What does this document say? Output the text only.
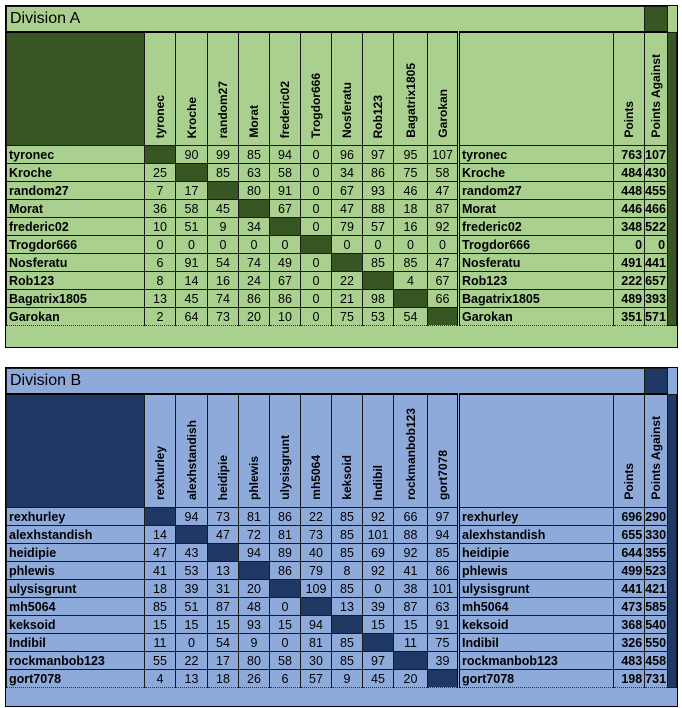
Division A														
	tyronec	Kroche	random27	Morat	frederic02	Trogdor666	Nosferatu	Rob123	Bagatrix1805	Garokan		Points	Points Against	
tyronec		90	99	85	94	0	96	97	95	107	tyronec	763	107	
Kroche	25		85	63	58	0	34	86	75	58	Kroche	484	430	
random27	7	17		80	91	0	67	93	46	47	random27	448	455	
Morat	36	58	45		67	0	47	88	18	87	Morat	446	466	
frederic02	10	51	9	34		0	79	57	16	92	frederic02	348	522	
Trogdor666	0	0	0	0	0		0	0	0	0	Trogdor666	0	0	
Nosferatu	6	91	54	74	49	0		85	85	47	Nosferatu	491	441	
Rob123	8	14	16	24	67	0	22		4	67	Rob123	222	657	
Bagatrix1805	13	45	74	86	86	0	21	98		66	Bagatrix1805	489	393	
Garokan	2	64	73	20	10	0	75	53	54		Garokan	351	571	
Division B														
	rexhurley	alexhstandish	heidipie	phlewis	ulysisgrunt	mh5064	keksoid	Indibil	rockmanbob123	gort7078		Points	Points Against	
rexhurley		94	73	81	86	22	85	92	66	97	rexhurley	696	290	
alexhstandish	14		47	72	81	73	85	101	88	94	alexhstandish	655	330	
heidipie	47	43		94	89	40	85	69	92	85	heidipie	644	355	
phlewis	41	53	13		86	79	8	92	41	86	phlewis	499	523	
ulysisgrunt	18	39	31	20		109	85	0	38	101	ulysisgrunt	441	421	
mh5064	85	51	87	48	0		13	39	87	63	mh5064	473	585	
keksoid	15	15	15	93	15	94		15	15	91	keksoid	368	540	
Indibil	11	0	54	9	0	81	85		11	75	Indibil	326	550	
rockmanbob123	55	22	17	80	58	30	85	97		39	rockmanbob123	483	458	
gort7078	4	13	18	26	6	57	9	45	20		gort7078	198	731	
